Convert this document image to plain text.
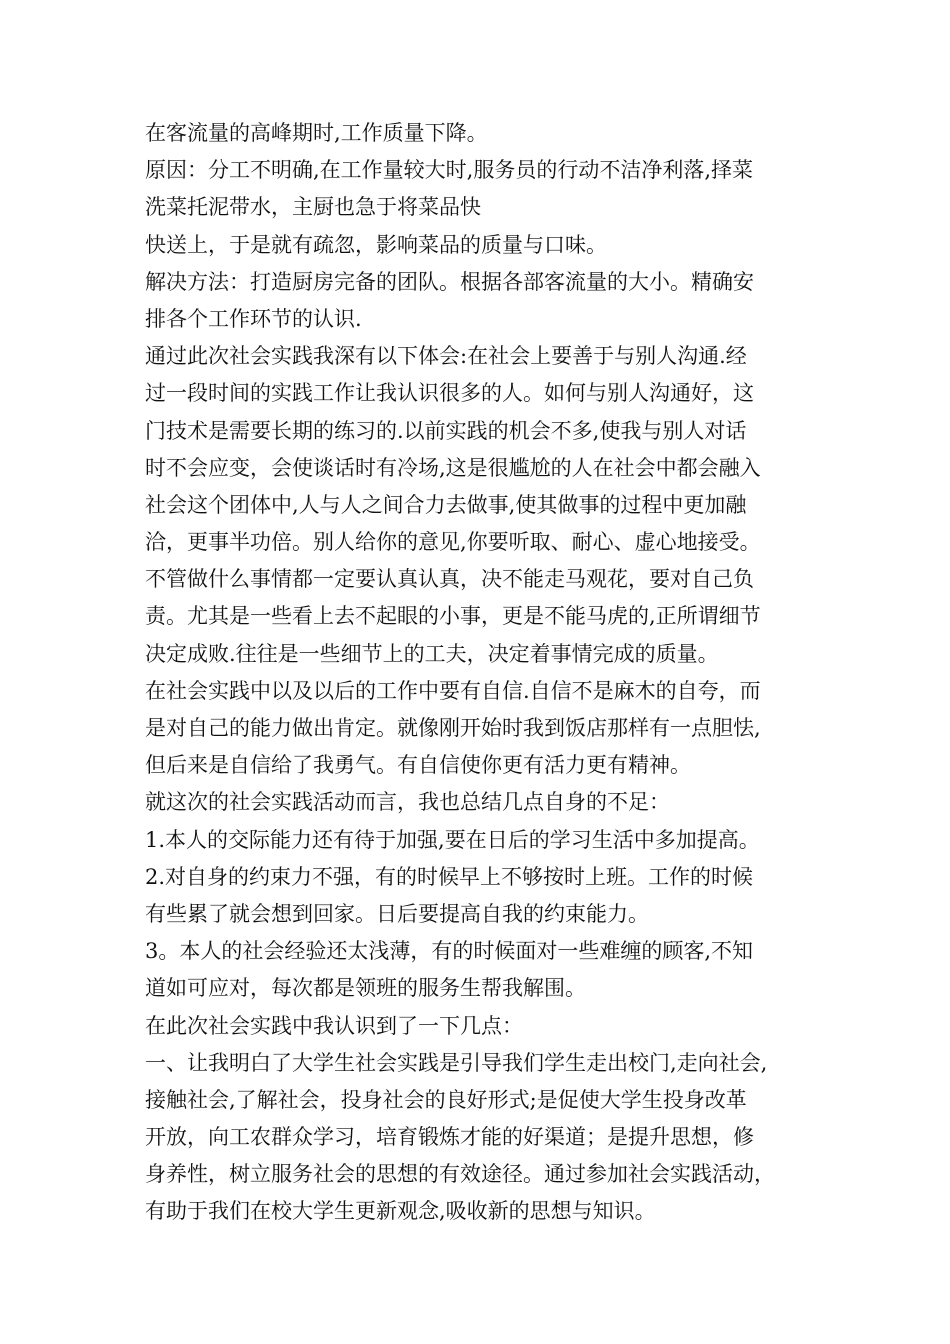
在客流量的高峰期时,工作质量下降。
原因：分工不明确,在工作量较大时,服务员的行动不洁净利落,择菜
洗菜托泥带水，主厨也急于将菜品快
快送上，于是就有疏忽，影响菜品的质量与口味。
解决方法：打造厨房完备的团队。根据各部客流量的大小。精确安
排各个工作环节的认识.
通过此次社会实践我深有以下体会:在社会上要善于与别人沟通.经
过一段时间的实践工作让我认识很多的人。如何与别人沟通好，这
门技术是需要长期的练习的.以前实践的机会不多,使我与别人对话
时不会应变，会使谈话时有冷场,这是很尴尬的人在社会中都会融入
社会这个团体中,人与人之间合力去做事,使其做事的过程中更加融
洽，更事半功倍。别人给你的意见,你要听取、耐心、虚心地接受。
不管做什么事情都一定要认真认真，决不能走马观花，要对自己负
责。尤其是一些看上去不起眼的小事，更是不能马虎的,正所谓细节
决定成败.往往是一些细节上的工夫，决定着事情完成的质量。
在社会实践中以及以后的工作中要有自信.自信不是麻木的自夸，而
是对自己的能力做出肯定。就像刚开始时我到饭店那样有一点胆怯,
但后来是自信给了我勇气。有自信使你更有活力更有精神。
就这次的社会实践活动而言，我也总结几点自身的不足：
1.本人的交际能力还有待于加强,要在日后的学习生活中多加提高。
2.对自身的约束力不强，有的时候早上不够按时上班。工作的时候
有些累了就会想到回家。日后要提高自我的约束能力。
3。本人的社会经验还太浅薄，有的时候面对一些难缠的顾客,不知
道如可应对，每次都是领班的服务生帮我解围。
在此次社会实践中我认识到了一下几点：
一、让我明白了大学生社会实践是引导我们学生走出校门,走向社会,
接触社会,了解社会，投身社会的良好形式;是促使大学生投身改革
开放，向工农群众学习，培育锻炼才能的好渠道；是提升思想，修
身养性，树立服务社会的思想的有效途径。通过参加社会实践活动，
有助于我们在校大学生更新观念,吸收新的思想与知识。
